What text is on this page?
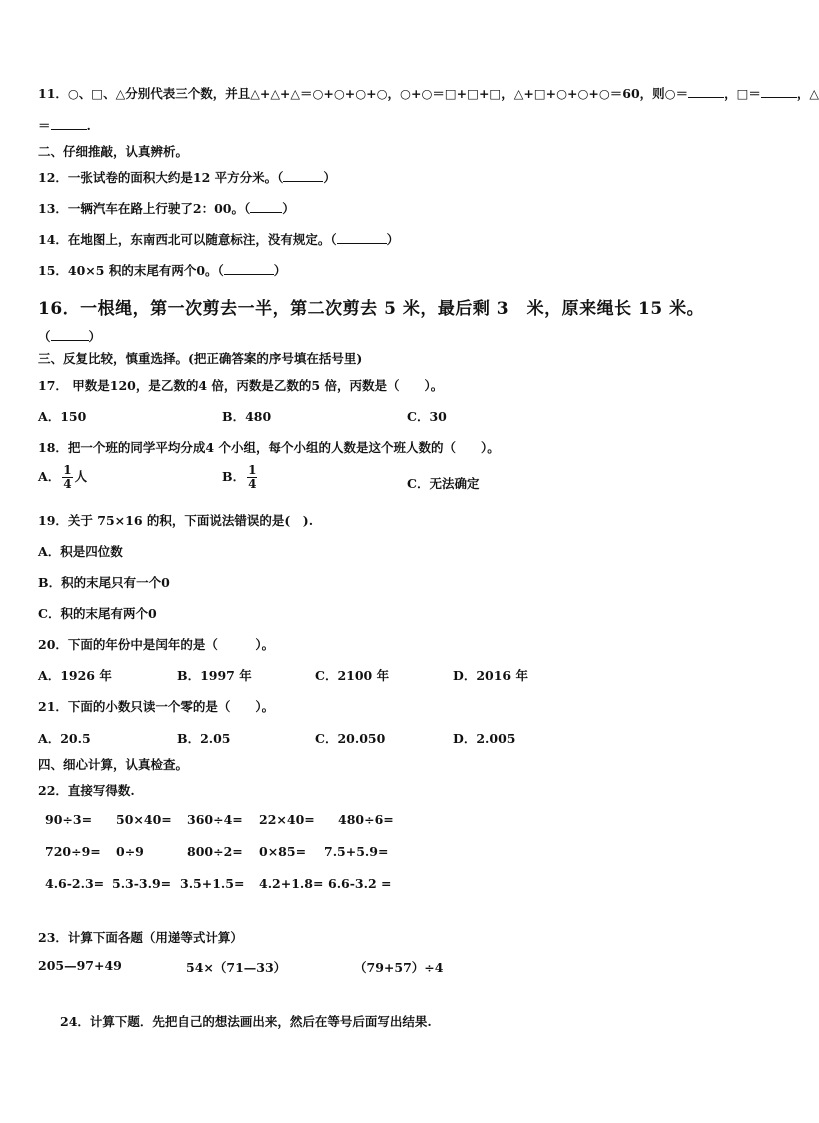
11．○、□、△分别代表三个数，并且△+△+△＝○+○+○+○，○+○＝□+□+□，△+□+○+○+○＝60，则○＝	，□＝	，△
＝	.
二、仔细推敲，认真辨析。
12．一张试卷的面积大约是12 平方分米。（	）
13．一辆汽车在路上行驶了2：00。（	）
14．在地图上，东南西北可以随意标注，没有规定。（	）
15．40×5 积的末尾有两个0。（	）
16．一根绳，第一次剪去一半，第二次剪去 5 米，最后剩 3　米，原来绳长 15 米。
（	）
三、反复比较，慎重选择。(把正确答案的序号填在括号里)
17． 甲数是120，是乙数的4 倍，丙数是乙数的5 倍，丙数是（　　）。
A．150	B．480	C．30
18．把一个班的同学平均分成4 个小组，每个小组的人数是这个班人数的（　　）。
A． $\frac{1}{4}$ 人	B． $\frac{1}{4}$	C．无法确定
19．关于 75×16 的积，下面说法错误的是(　).
A．积是四位数
B．积的末尾只有一个0
C．积的末尾有两个0
20．下面的年份中是闰年的是（　　　）。
A．1926 年	B．1997 年	C．2100 年	D．2016 年
21．下面的小数只读一个零的是（　　）。
A．20.5	B．2.05	C．20.050	D．2.005
四、细心计算，认真检查。
22．直接写得数.
90÷3= 50×40= 360÷4= 22×40= 480÷6=
720÷9= 0÷9	800÷2= 0×85= 7.5+5.9=
4.6-2.3= 5.3-3.9= 3.5+1.5= 4.2+1.8= 6.6-3.2 =
23．计算下面各题（用递等式计算）
205—97+49	54×（71—33）	（79+57）÷4
24．计算下题．先把自己的想法画出来，然后在等号后面写出结果.
